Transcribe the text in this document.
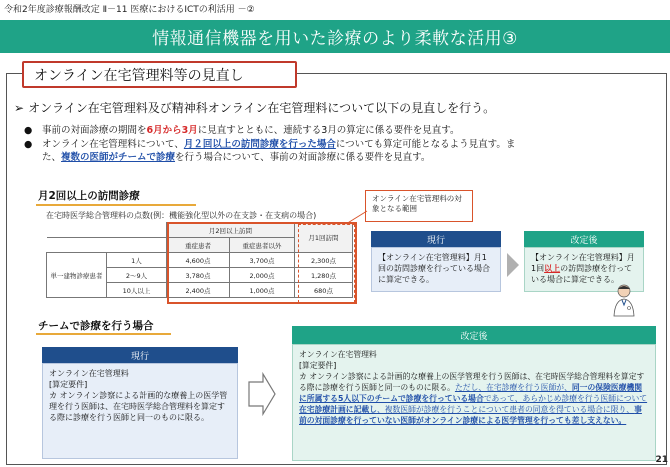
令和2年度診療報酬改定 Ⅱ－11 医療におけるICTの利活用 －②
情報通信機器を用いた診療のより柔軟な活用③
オンライン在宅管理料等の見直し
➢ オンライン在宅管理料及び精神科オンライン在宅管理料について以下の見直しを行う。
●	事前の対面診療の期間を6月から3月に見直すとともに、連続する3月の算定に係る要件を見直す。
●	オンライン在宅管理料について、月２回以上の訪問診療を行った場合についても算定可能となるよう見直す。ま
た、複数の医師がチームで診療を行う場合について、事前の対面診療に係る要件を見直す。
月2回以上の訪問診療
在宅時医学総合管理料の点数(例：機能強化型以外の在支診・在支病の場合)
		月2回以上訪問		月1回訪問
		重症患者	重症患者以外	
単一建物診療患者	1人	4,600点	3,700点	2,300点
	2～9人	3,780点	2,000点	1,280点
	10人以上	2,400点	1,000点	680点
オンライン在宅管理料の対象となる範囲
現行
【オンライン在宅管理料】月1回の訪問診療を行っている場合に算定できる。
改定後
【オンライン在宅管理料】月1回以上の訪問診療を行っている場合に算定できる。
チームで診療を行う場合
現行
オンライン在宅管理料
[算定要件]
カ オンライン診察による計画的な療養上の医学管理を行う医師は、在宅時医学総合管理料を算定する際に診療を行う医師と同一のものに限る。
改定後
オンライン在宅管理料
[算定要件]
カ オンライン診察による計画的な療養上の医学管理を行う医師は、在宅時医学総合管理料を算定する際に診療を行う医師と同一のものに限る。ただし、在宅診療を行う医師が、同一の保険医療機関に所属する5人以下のチームで診療を行っている場合であって、あらかじめ診療を行う医師について在宅診療計画に記載し、複数医師が診療を行うことについて患者の同意を得ている場合に限り、事前の対面診療を行っていない医師がオンライン診療による医学管理を行っても差し支えない。
21
